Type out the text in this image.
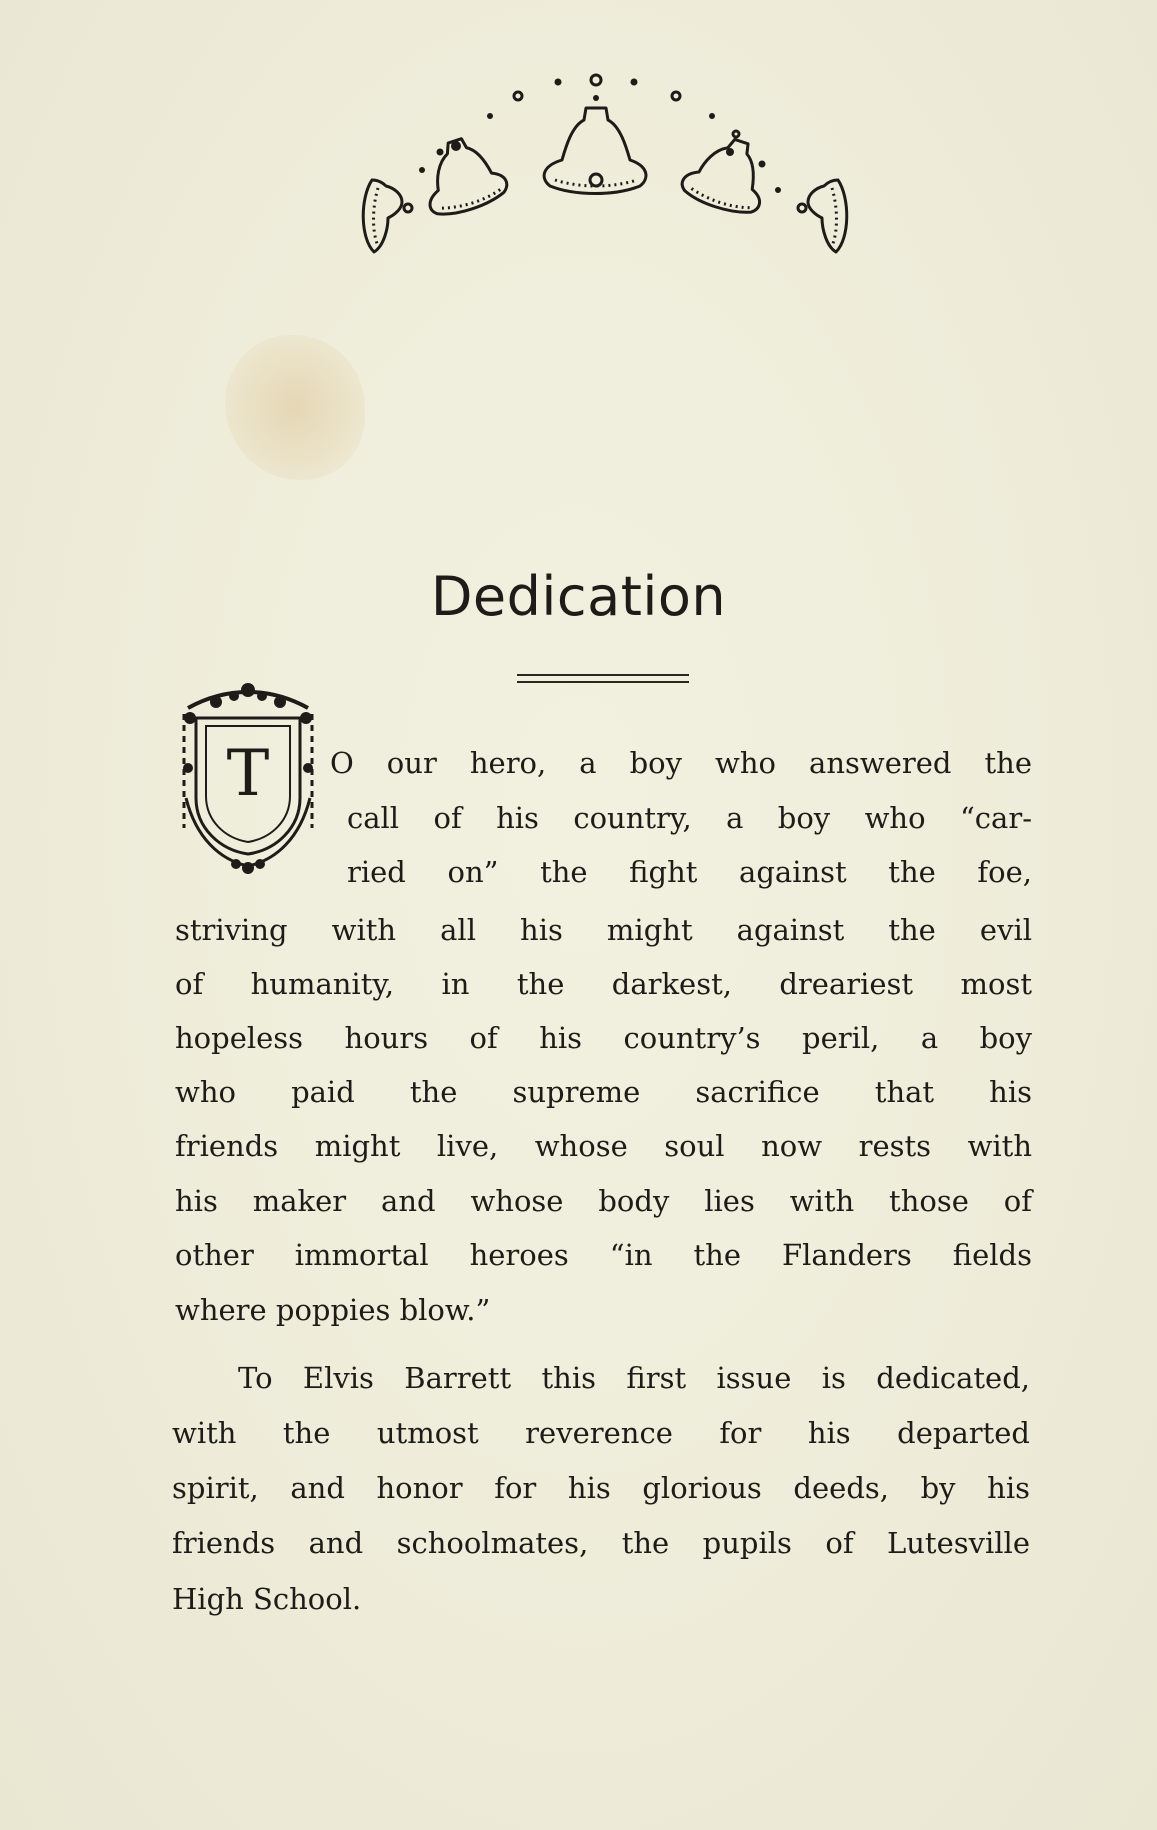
Dedication
T	O our hero, a boy who answered the
call of his country, a boy who “car-
ried on” the fight against the foe,
striving with all his might against the evil
of humanity, in the darkest, dreariest most
hopeless hours of his country’s peril, a boy
who paid the supreme sacrifice that his
friends might live, whose soul now rests with
his maker and whose body lies with those of
other immortal heroes “in the Flanders fields
where poppies blow.”
To Elvis Barrett this first issue is dedicated,
with the utmost reverence for his departed
spirit, and honor for his glorious deeds, by his
friends and schoolmates, the pupils of Lutesville
High School.
